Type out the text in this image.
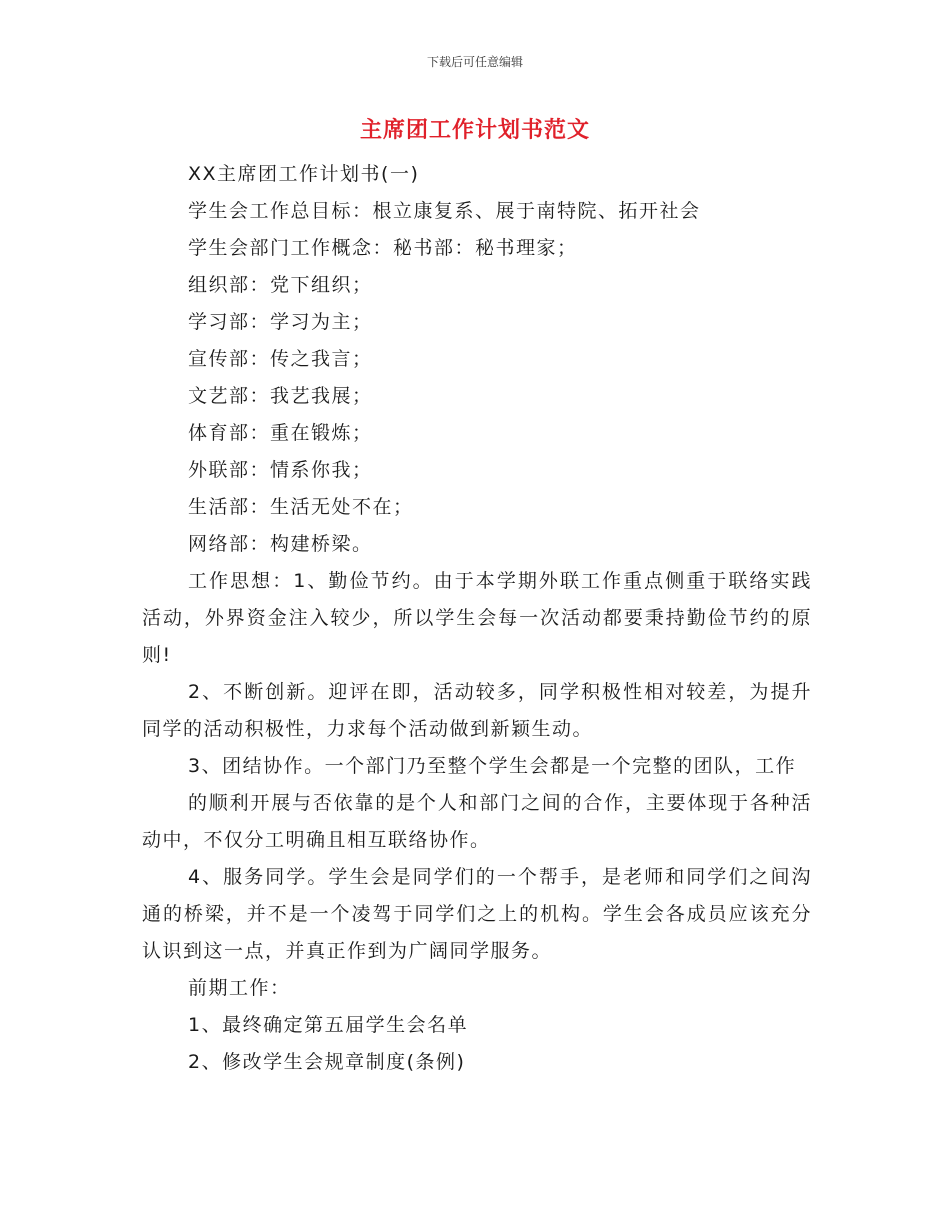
下载后可任意编辑
主席团工作计划书范文

XX主席团工作计划书(一)

学生会工作总目标：根立康复系、展于南特院、拓开社会

学生会部门工作概念：秘书部：秘书理家；

组织部：党下组织；

学习部：学习为主；

宣传部：传之我言；

文艺部：我艺我展；

体育部：重在锻炼；

外联部：情系你我；

生活部：生活无处不在；

网络部：构建桥梁。

工作思想：1、勤俭节约。由于本学期外联工作重点侧重于联络实践活动，外界资金注入较少，所以学生会每一次活动都要秉持勤俭节约的原则!

2、不断创新。迎评在即，活动较多，同学积极性相对较差，为提升同学的活动积极性，力求每个活动做到新颖生动。

3、团结协作。一个部门乃至整个学生会都是一个完整的团队，工作

的顺利开展与否依靠的是个人和部门之间的合作，主要体现于各种活动中，不仅分工明确且相互联络协作。

4、服务同学。学生会是同学们的一个帮手，是老师和同学们之间沟通的桥梁，并不是一个凌驾于同学们之上的机构。学生会各成员应该充分认识到这一点，并真正作到为广阔同学服务。

前期工作：

1、最终确定第五届学生会名单

2、修改学生会规章制度(条例)
